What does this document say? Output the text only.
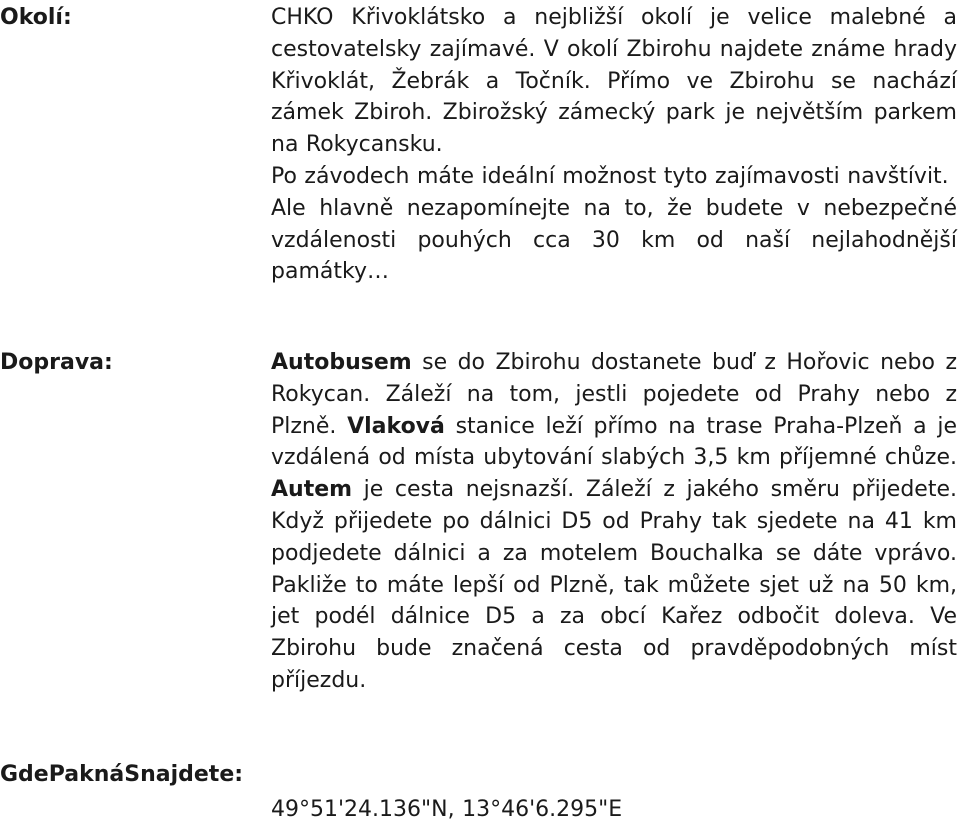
Okolí:	CHKO Křivoklátsko a nejbližší okolí je velice malebné a cestovatelsky zajímavé. V okolí Zbirohu najdete známe hrady Křivoklát, Žebrák a Točník. Přímo ve Zbirohu se nachází zámek Zbiroh. Zbirožský zámecký park je největším parkem na Rokycansku.

Po závodech máte ideální možnost tyto zajímavosti navštívit.

Ale hlavně nezapomínejte na to, že budete v nebezpečné vzdálenosti pouhých cca 30 km od naší nejlahodnější památky…

Doprava:	Autobusem se do Zbirohu dostanete buď z Hořovic nebo z Rokycan. Záleží na tom, jestli pojedete od Prahy nebo z Plzně. Vlaková stanice leží přímo na trase Praha-Plzeň a je vzdálená od místa ubytování slabých 3,5 km příjemné chůze. Autem je cesta nejsnazší. Záleží z jakého směru přijedete. Když přijedete po dálnici D5 od Prahy tak sjedete na 41 km podjedete dálnici a za motelem Bouchalka se dáte vprávo. Pakliže to máte lepší od Plzně, tak můžete sjet už na 50 km, jet podél dálnice D5 a za obcí Kařez odbočit doleva. Ve Zbirohu bude značená cesta od pravděpodobných míst příjezdu.

GdePaknáSnajdete:
49°51'24.136"N, 13°46'6.295"E
